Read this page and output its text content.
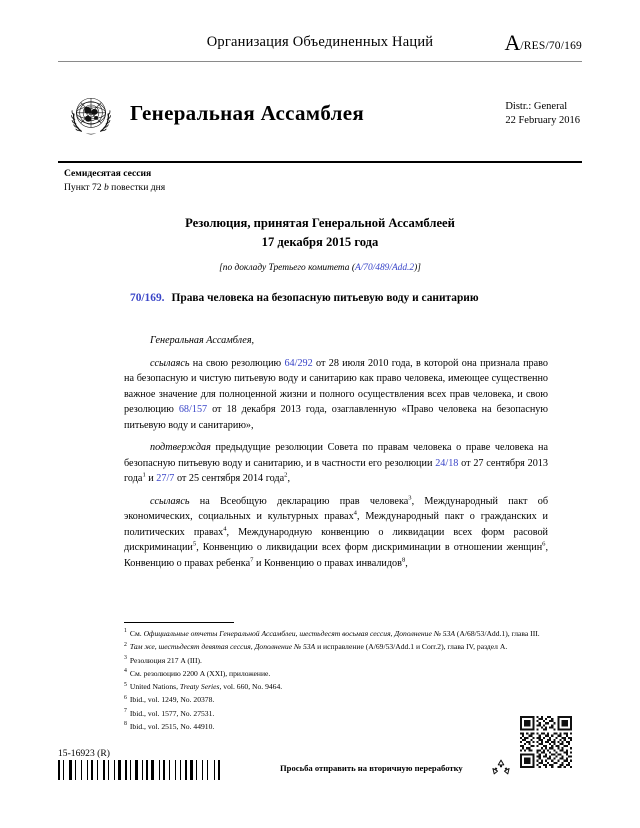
Организация Объединенных Наций	A/RES/70/169
Генеральная Ассамблея	Distr.: General
22 February 2016
Семидесятая сессия
Пункт 72 b повестки дня
Резолюция, принятая Генеральной Ассамблеей
17 декабря 2015 года
[по докладу Третьего комитета (A/70/489/Add.2)]
70/169. Права человека на безопасную питьевую воду и санитарию

Генеральная Ассамблея,

ссылаясь на свою резолюцию 64/292 от 28 июля 2010 года, в которой она признала право на безопасную и чистую питьевую воду и санитарию как право человека, имеющее существенно важное значение для полноценной жизни и полного осуществления всех прав человека, и свою резолюцию 68/157 от 18 декабря 2013 года, озаглавленную «Право человека на безопасную питьевую воду и санитарию»,

подтверждая предыдущие резолюции Совета по правам человека о праве человека на безопасную питьевую воду и санитарию, и в частности его резолюции 24/18 от 27 сентября 2013 года$^1$ и 27/7 от 25 сентября 2014 года$^2$,

ссылаясь на Всеобщую декларацию прав человека$^3$, Международный пакт об экономических, социальных и культурных правах$^4$, Международный пакт о гражданских и политических правах$^4$, Международную конвенцию о ликвидации всех форм расовой дискриминации$^5$, Конвенцию о ликвидации всех форм дискриминации в отношении женщин$^6$, Конвенцию о правах ребенка$^7$ и Конвенцию о правах инвалидов$^8$,

$^1$ См. Официальные отчеты Генеральной Ассамблеи, шестьдесят восьмая сессия, Дополнение № 53A (A/68/53/Add.1), глава III.
$^2$ Там же, шестьдесят девятая сессия, Дополнение № 53A и исправление (A/69/53/Add.1 и Corr.2), глава IV, раздел A.
$^3$ Резолюция 217 A (III).
$^4$ См. резолюцию 2200 A (XXI), приложение.
$^5$ United Nations, Treaty Series, vol. 660, No. 9464.
$^6$ Ibid., vol. 1249, No. 20378.
$^7$ Ibid., vol. 1577, No. 27531.
$^8$ Ibid., vol. 2515, No. 44910.
15-16923 (R)
Просьба отправить на вторичную переработку
